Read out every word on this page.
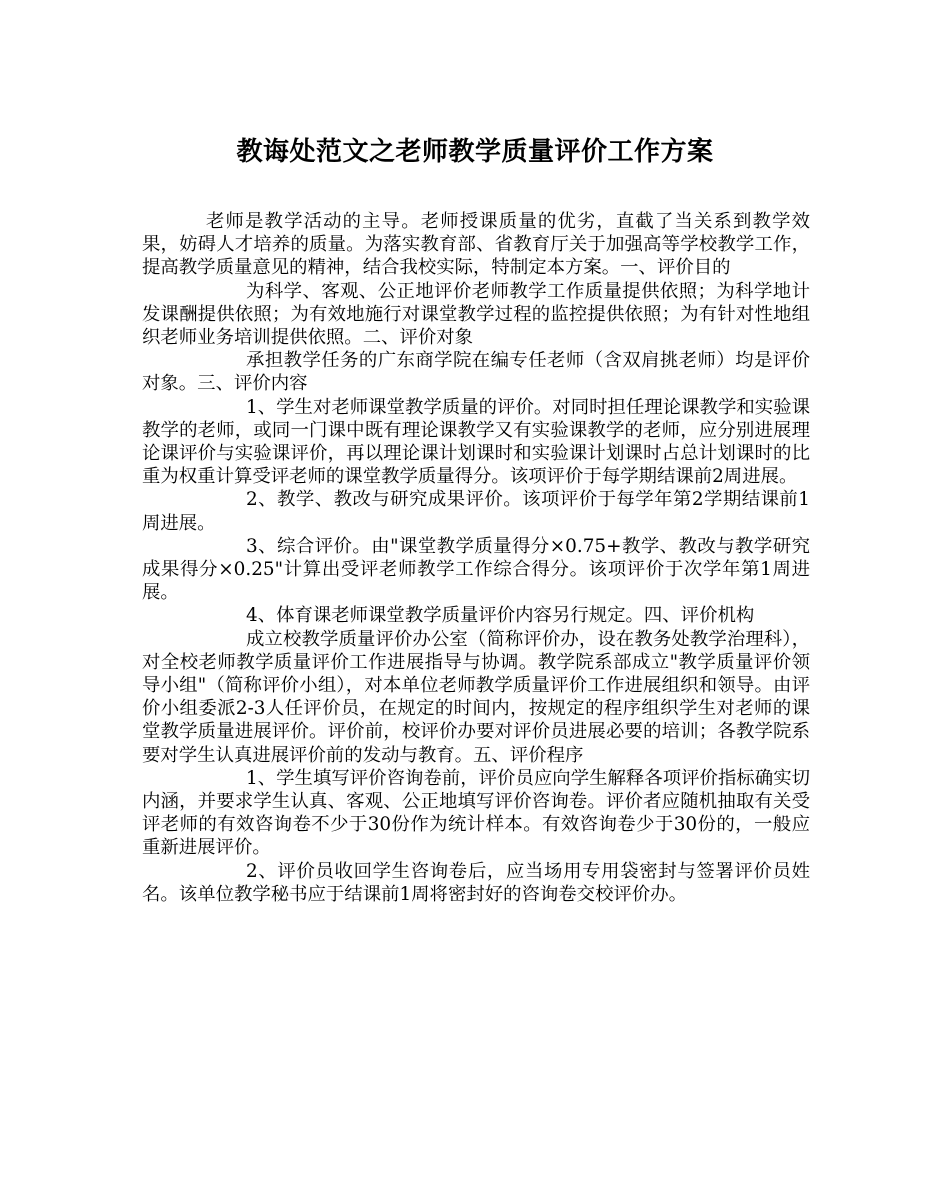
教诲处范文之老师教学质量评价工作方案

老师是教学活动的主导。老师授课质量的优劣，直截了当关系到教学效果，妨碍人才培养的质量。为落实教育部、省教育厅关于加强高等学校教学工作，提高教学质量意见的精神，结合我校实际，特制定本方案。一、评价目的

为科学、客观、公正地评价老师教学工作质量提供依照；为科学地计发课酬提供依照；为有效地施行对课堂教学过程的监控提供依照；为有针对性地组织老师业务培训提供依照。二、评价对象

承担教学任务的广东商学院在编专任老师（含双肩挑老师）均是评价对象。三、评价内容

1、学生对老师课堂教学质量的评价。对同时担任理论课教学和实验课教学的老师，或同一门课中既有理论课教学又有实验课教学的老师，应分别进展理论课评价与实验课评价，再以理论课计划课时和实验课计划课时占总计划课时的比重为权重计算受评老师的课堂教学质量得分。该项评价于每学期结课前2周进展。

2、教学、教改与研究成果评价。该项评价于每学年第2学期结课前1周进展。

3、综合评价。由"课堂教学质量得分×0.75+教学、教改与教学研究成果得分×0.25"计算出受评老师教学工作综合得分。该项评价于次学年第1周进展。

4、体育课老师课堂教学质量评价内容另行规定。四、评价机构

成立校教学质量评价办公室（简称评价办，设在教务处教学治理科），对全校老师教学质量评价工作进展指导与协调。教学院系部成立"教学质量评价领导小组"（简称评价小组），对本单位老师教学质量评价工作进展组织和领导。由评价小组委派2-3人任评价员，在规定的时间内，按规定的程序组织学生对老师的课堂教学质量进展评价。评价前，校评价办要对评价员进展必要的培训；各教学院系要对学生认真进展评价前的发动与教育。五、评价程序

1、学生填写评价咨询卷前，评价员应向学生解释各项评价指标确实切内涵，并要求学生认真、客观、公正地填写评价咨询卷。评价者应随机抽取有关受评老师的有效咨询卷不少于30份作为统计样本。有效咨询卷少于30份的，一般应重新进展评价。

2、评价员收回学生咨询卷后，应当场用专用袋密封与签署评价员姓名。该单位教学秘书应于结课前1周将密封好的咨询卷交校评价办。
